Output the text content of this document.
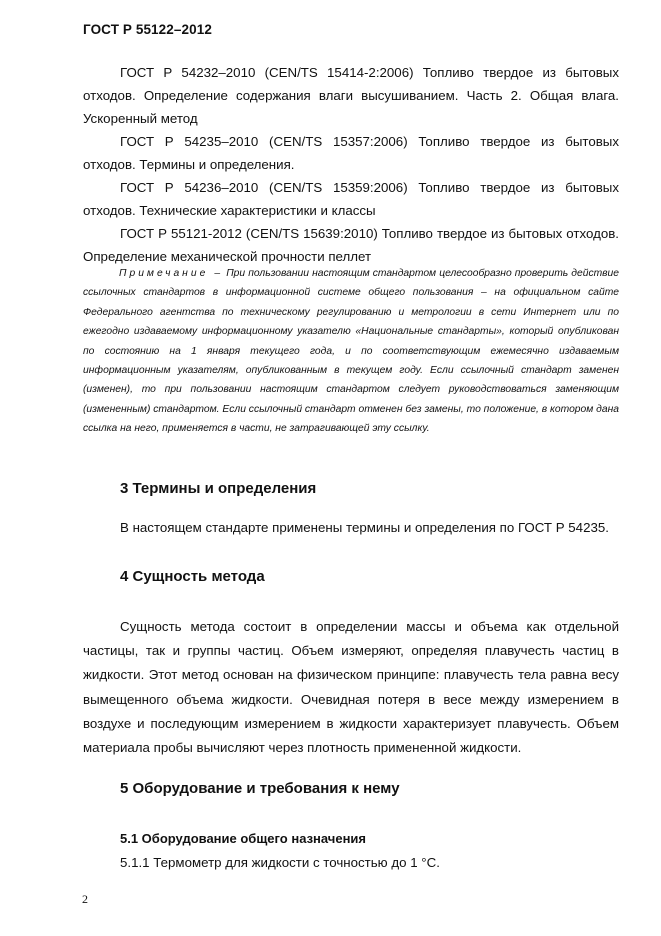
ГОСТ Р 55122–2012
ГОСТ Р 54232–2010 (CEN/TS 15414-2:2006) Топливо твердое из бытовых отходов. Определение содержания влаги высушиванием. Часть 2. Общая влага. Ускоренный метод
ГОСТ Р 54235–2010 (CEN/TS 15357:2006) Топливо твердое из бытовых отходов. Термины и определения.
ГОСТ Р 54236–2010 (CEN/TS 15359:2006) Топливо твердое из бытовых отходов. Технические характеристики и классы
ГОСТ Р 55121-2012 (CEN/TS 15639:2010) Топливо твердое из бытовых отходов. Определение механической прочности пеллет
Примечание – При пользовании настоящим стандартом целесообразно проверить действие ссылочных стандартов в информационной системе общего пользования – на официальном сайте Федерального агентства по техническому регулированию и метрологии в сети Интернет или по ежегодно издаваемому информационному указателю «Национальные стандарты», который опубликован по состоянию на 1 января текущего года, и по соответствующим ежемесячно издаваемым информационным указателям, опубликованным в текущем году. Если ссылочный стандарт заменен (изменен), то при пользовании настоящим стандартом следует руководствоваться заменяющим (измененным) стандартом. Если ссылочный стандарт отменен без замены, то положение, в котором дана ссылка на него, применяется в части, не затрагивающей эту ссылку.
3 Термины и определения
В настоящем стандарте применены термины и определения по ГОСТ Р 54235.
4 Сущность метода
Сущность метода состоит в определении массы и объема как отдельной частицы, так и группы частиц. Объем измеряют, определяя плавучесть частиц в жидкости. Этот метод основан на физическом принципе: плавучесть тела равна весу вымещенного объема жидкости. Очевидная потеря в весе между измерением в воздухе и последующим измерением в жидкости характеризует плавучесть. Объем материала пробы вычисляют через плотность примененной жидкости.
5 Оборудование и требования к нему
5.1 Оборудование общего назначения
5.1.1 Термометр для жидкости с точностью до 1 °С.
2
